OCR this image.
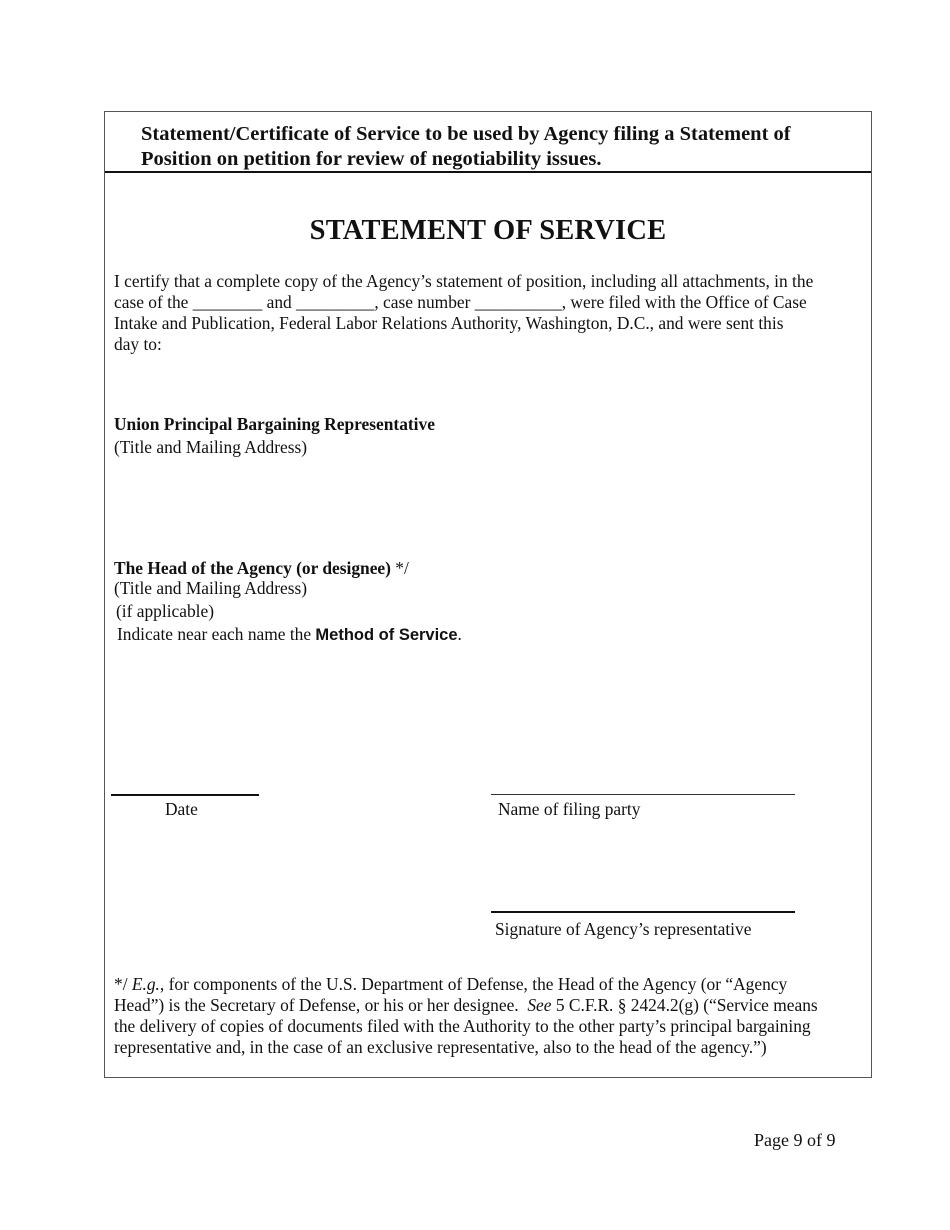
Statement/Certificate of Service to be used by Agency filing a Statement of
Position on petition for review of negotiability issues.
STATEMENT OF SERVICE
I certify that a complete copy of the Agency’s statement of position, including all attachments, in the
case of the ________ and _________, case number __________, were filed with the Office of Case
Intake and Publication, Federal Labor Relations Authority, Washington, D.C., and were sent this
day to:
Union Principal Bargaining Representative
(Title and Mailing Address)
The Head of the Agency (or designee) */
(Title and Mailing Address)
(if applicable)
Indicate near each name the Method of Service.
Date	Name of filing party
Signature of Agency’s representative
*/ E.g., for components of the U.S. Department of Defense, the Head of the Agency (or “Agency
Head”) is the Secretary of Defense, or his or her designee.  See 5 C.F.R. § 2424.2(g) (“Service means
the delivery of copies of documents filed with the Authority to the other party’s principal bargaining
representative and, in the case of an exclusive representative, also to the head of the agency.”)
Page 9 of 9
